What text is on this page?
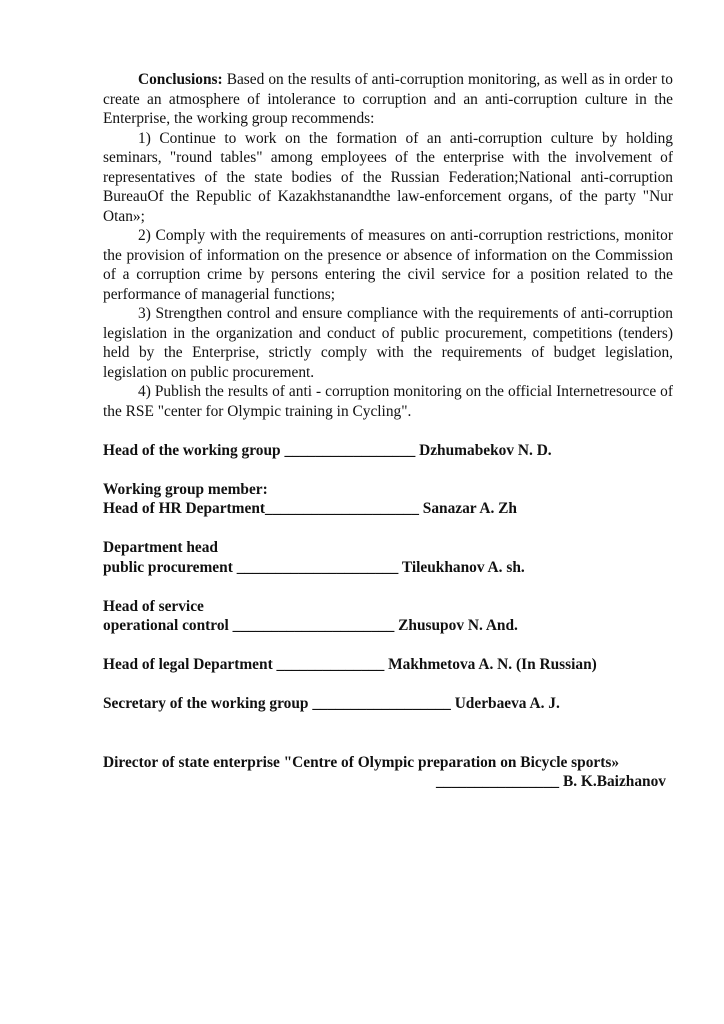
Conclusions: Based on the results of anti-corruption monitoring, as well as in order to create an atmosphere of intolerance to corruption and an anti-corruption culture in the Enterprise, the working group recommends:

1) Continue to work on the formation of an anti-corruption culture by holding seminars, "round tables" among employees of the enterprise with the involvement of representatives of the state bodies of the Russian Federation;National anti-corruption BureauOf the Republic of Kazakhstanandthe law-enforcement organs, of the party "Nur Otan»;

2) Comply with the requirements of measures on anti-corruption restrictions, monitor the provision of information on the presence or absence of information on the Commission of a corruption crime by persons entering the civil service for a position related to the performance of managerial functions;

3) Strengthen control and ensure compliance with the requirements of anti-corruption legislation in the organization and conduct of public procurement, competitions (tenders) held by the Enterprise, strictly comply with the requirements of budget legislation, legislation on public procurement.

4) Publish the results of anti - corruption monitoring on the official Internetresource of the RSE "center for Olympic training in Cycling".

Head of the working group _________________ Dzhumabekov N. D.

Working group member:

Head of HR Department____________________ Sanazar A. Zh

Department head

public procurement _____________________ Tileukhanov A. sh.

Head of service

operational control _____________________ Zhusupov N. And.

Head of legal Department ______________ Makhmetova A. N. (In Russian)

Secretary of the working group __________________ Uderbaeva A. J.

Director of state enterprise "Centre of Olympic preparation on Bicycle sports»

________________ B. K.Baizhanov
